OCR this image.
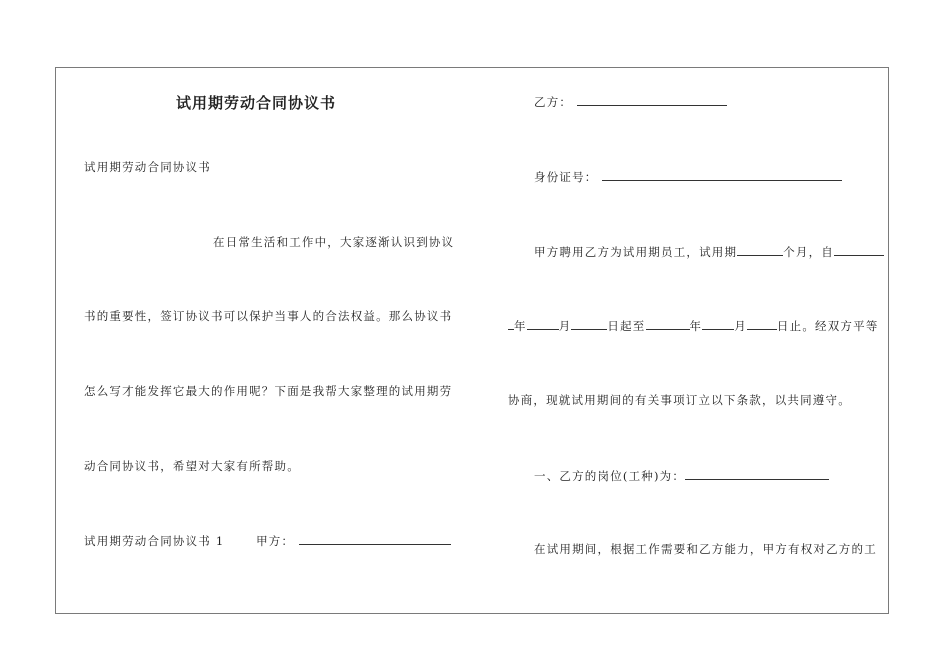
试用期劳动合同协议书
试用期劳动合同协议书
在日常生活和工作中，大家逐渐认识到协议
书的重要性，签订协议书可以保护当事人的合法权益。那么协议书
怎么写才能发挥它最大的作用呢？下面是我帮大家整理的试用期劳
动合同协议书，希望对大家有所帮助。
试用期劳动合同协议书 1	甲方：
乙方：
身份证号：
甲方聘用乙方为试用期员工，试用期	个月，自
年	月	日起至	年	月	日止。经双方平等
协商，现就试用期间的有关事项订立以下条款，以共同遵守。
一、乙方的岗位(工种)为：
在试用期间，根据工作需要和乙方能力，甲方有权对乙方的工
